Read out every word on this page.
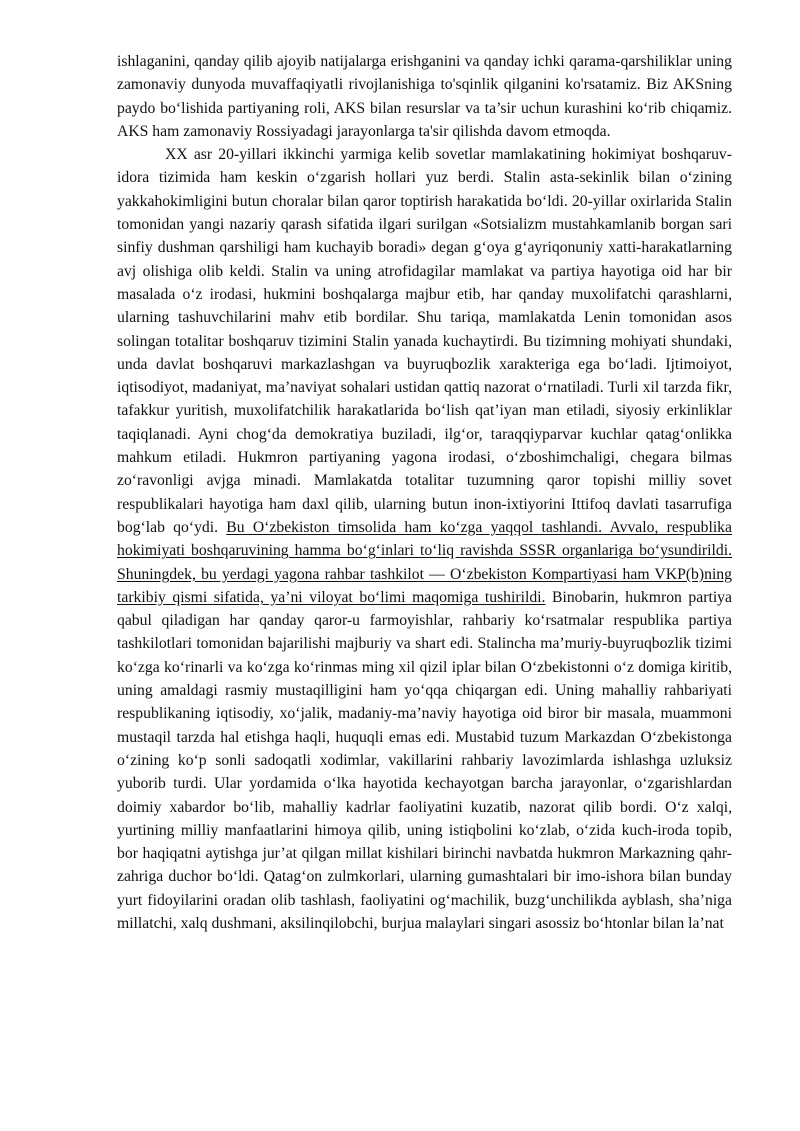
ishlaganini, qanday qilib ajoyib natijalarga erishganini va qanday ichki qarama-qarshiliklar uning zamonaviy dunyoda muvaffaqiyatli rivojlanishiga to'sqinlik qilganini ko'rsatamiz. Biz AKSning paydo bo‘lishida partiyaning roli, AKS bilan resurslar va ta’sir uchun kurashini ko‘rib chiqamiz. AKS ham zamonaviy Rossiyadagi jarayonlarga ta'sir qilishda davom etmoqda.

XX asr 20-yillari ikkinchi yarmiga kelib sovetlar mamlakatining hokimiyat boshqaruv-idora tizimida ham keskin o‘zgarish hollari yuz berdi. Stalin asta-sekinlik bilan o‘zining yakkahokimligini butun choralar bilan qaror toptirish harakatida bo‘ldi. 20-yillar oxirlarida Stalin tomonidan yangi nazariy qarash sifatida ilgari surilgan «Sotsializm mustahkamlanib borgan sari sinfiy dushman qarshiligi ham kuchayib boradi» degan g‘oya g‘ayriqonuniy xatti-harakatlarning avj olishiga olib keldi. Stalin va uning atrofidagilar mamlakat va partiya hayotiga oid har bir masalada o‘z irodasi, hukmini boshqalarga majbur etib, har qanday muxolifatchi qarashlarni, ularning tashuvchilarini mahv etib bordilar. Shu tariqa, mamlakatda Lenin tomonidan asos solingan totalitar boshqaruv tizimini Stalin yanada kuchaytirdi. Bu tizimning mohiyati shundaki, unda davlat boshqaruvi markazlashgan va buyruqbozlik xarakteriga ega bo‘ladi. Ijtimoiyot, iqtisodiyot, madaniyat, ma’naviyat sohalari ustidan qattiq nazorat o‘rnatiladi. Turli xil tarzda fikr, tafakkur yuritish, muxolifatchilik harakatlarida bo‘lish qat’iyan man etiladi, siyosiy erkinliklar taqiqlanadi. Ayni chog‘da demokratiya buziladi, ilg‘or, taraqqiyparvar kuchlar qatag‘onlikka mahkum etiladi. Hukmron partiyaning yagona irodasi, o‘zboshimchaligi, chegara bilmas zo‘ravonligi avjga minadi. Mamlakatda totalitar tuzumning qaror topishi milliy sovet respublikalari hayotiga ham daxl qilib, ularning butun inon-ixtiyorini Ittifoq davlati tasarrufiga bog‘lab qo‘ydi. Bu O‘zbekiston timsolida ham ko‘zga yaqqol tashlandi. Avvalo, respublika hokimiyati boshqaruvining hamma bo‘g‘inlari to‘liq ravishda SSSR organlariga bo‘ysundirildi. Shuningdek, bu yerdagi yagona rahbar tashkilot — O‘zbekiston Kompartiyasi ham VKP(b)ning tarkibiy qismi sifatida, ya’ni viloyat bo‘limi maqomiga tushirildi. Binobarin, hukmron partiya qabul qiladigan har qanday qaror-u farmoyishlar, rahbariy ko‘rsatmalar respublika partiya tashkilotlari tomonidan bajarilishi majburiy va shart edi. Stalincha ma’muriy-buyruqbozlik tizimi ko‘zga ko‘rinarli va ko‘zga ko‘rinmas ming xil qizil iplar bilan O‘zbekistonni o‘z domiga kiritib, uning amaldagi rasmiy mustaqilligini ham yo‘qqa chiqargan edi. Uning mahalliy rahbariyati respublikaning iqtisodiy, xo‘jalik, madaniy-ma’naviy hayotiga oid biror bir masala, muammoni mustaqil tarzda hal etishga haqli, huquqli emas edi. Mustabid tuzum Markazdan O‘zbekistonga o‘zining ko‘p sonli sadoqatli xodimlar, vakillarini rahbariy lavozimlarda ishlashga uzluksiz yuborib turdi. Ular yordamida o‘lka hayotida kechayotgan barcha jarayonlar, o‘zgarishlardan doimiy xabardor bo‘lib, mahalliy kadrlar faoliyatini kuzatib, nazorat qilib bordi. O‘z xalqi, yurtining milliy manfaatlarini himoya qilib, uning istiqbolini ko‘zlab, o‘zida kuch-iroda topib, bor haqiqatni aytishga jur’at qilgan millat kishilari birinchi navbatda hukmron Markazning qahr-zahriga duchor bo‘ldi. Qatag‘on zulmkorlari, ularning gumashtalari bir imo-ishora bilan bunday yurt fidoyilarini oradan olib tashlash, faoliyatini og‘machilik, buzg‘unchilikda ayblash, sha’niga millatchi, xalq dushmani, aksilinqilobchi, burjua malaylari singari asossiz bo‘htonlar bilan la’nat
